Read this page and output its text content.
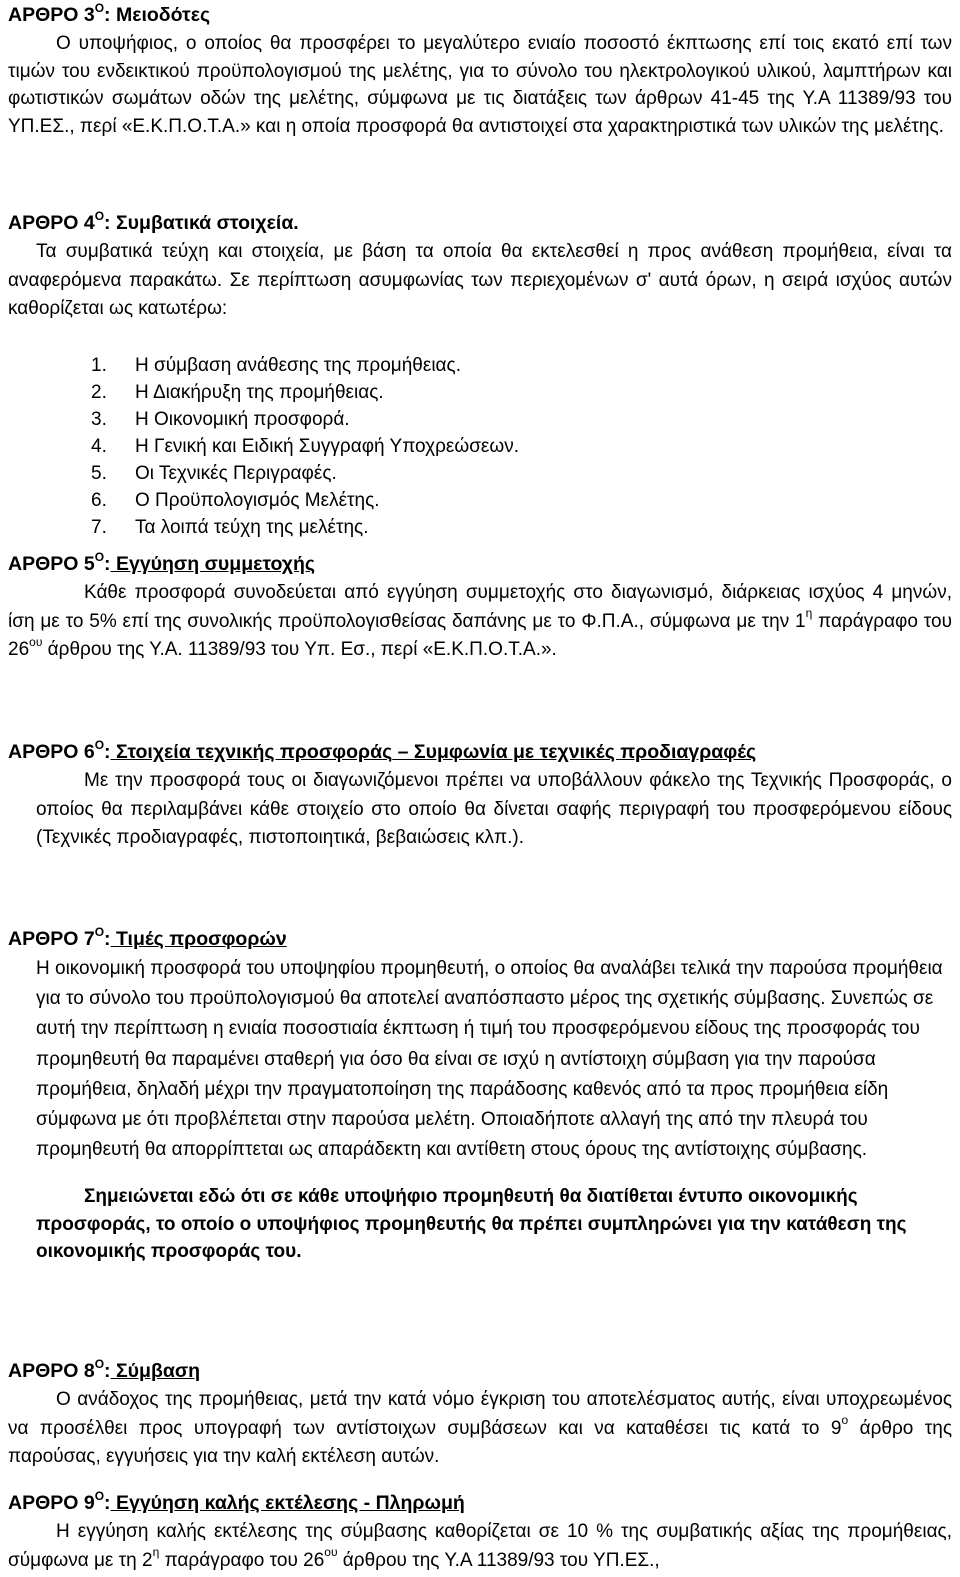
ΑΡΘΡΟ $3^O$: Μειοδότες

Ο υποψήφιος, ο οποίος θα προσφέρει το μεγαλύτερο ενιαίο ποσοστό έκπτωσης επί τοις εκατό επί των τιμών του ενδεικτικού προϋπολογισμού της μελέτης, για το σύνολο του ηλεκτρολογικού υλικού, λαμπτήρων και φωτιστικών σωμάτων οδών της μελέτης, σύμφωνα με τις διατάξεις των άρθρων 41-45 της Υ.Α 11389/93 του ΥΠ.ΕΣ., περί «Ε.Κ.Π.Ο.Τ.Α.» και η οποία προσφορά θα αντιστοιχεί στα χαρακτηριστικά των υλικών της μελέτης.

ΑΡΘΡΟ $4^O$: Συμβατικά στοιχεία.

Τα συμβατικά τεύχη και στοιχεία, με βάση τα οποία θα εκτελεσθεί η προς ανάθεση προμήθεια, είναι τα αναφερόμενα παρακάτω. Σε περίπτωση ασυμφωνίας των περιεχομένων σ' αυτά όρων, η σειρά ισχύος αυτών καθορίζεται ως κατωτέρω:

1.	Η σύμβαση ανάθεσης της προμήθειας.
2.	Η Διακήρυξη της προμήθειας.
3.	Η Οικονομική προσφορά.
4.	Η Γενική και Ειδική Συγγραφή Υποχρεώσεων.
5.	Οι Τεχνικές Περιγραφές.
6.	Ο Προϋπολογισμός Μελέτης.
7.	Τα λοιπά τεύχη της μελέτης.
ΑΡΘΡΟ $5^O$: Εγγύηση συμμετοχής

Κάθε προσφορά συνοδεύεται από εγγύηση συμμετοχής στο διαγωνισμό, διάρκειας ισχύος 4 μηνών, ίση με το 5% επί της συνολικής προϋπολογισθείσας δαπάνης με το Φ.Π.Α., σύμφωνα με την $1^\eta$ παράγραφο του $26^{o\upsilon}$ άρθρου της Υ.Α. 11389/93 του Υπ. Εσ., περί «Ε.Κ.Π.Ο.Τ.Α.».

ΑΡΘΡΟ $6^O$: Στοιχεία τεχνικής προσφοράς – Συμφωνία με τεχνικές προδιαγραφές

Με την προσφορά τους οι διαγωνιζόμενοι πρέπει να υποβάλλουν φάκελο της Τεχνικής Προσφοράς, ο οποίος θα περιλαμβάνει κάθε στοιχείο στο οποίο θα δίνεται σαφής περιγραφή του προσφερόμενου είδους (Τεχνικές προδιαγραφές, πιστοποιητικά, βεβαιώσεις κλπ.).

ΑΡΘΡΟ $7^O$: Τιμές προσφορών

Η οικονομική προσφορά του υποψηφίου προμηθευτή, ο οποίος θα αναλάβει τελικά την παρούσα προμήθεια για το σύνολο του προϋπολογισμού θα αποτελεί αναπόσπαστο μέρος της σχετικής σύμβασης. Συνεπώς σε αυτή την περίπτωση η ενιαία ποσοστιαία έκπτωση ή τιμή του προσφερόμενου είδους της προσφοράς του προμηθευτή θα παραμένει σταθερή για όσο θα είναι σε ισχύ η αντίστοιχη σύμβαση για την παρούσα προμήθεια, δηλαδή μέχρι την πραγματοποίηση της παράδοσης καθενός από τα προς προμήθεια είδη σύμφωνα με ότι προβλέπεται στην παρούσα μελέτη. Οποιαδήποτε αλλαγή της από την πλευρά του προμηθευτή θα απορρίπτεται ως απαράδεκτη και αντίθετη στους όρους της αντίστοιχης σύμβασης.

Σημειώνεται εδώ ότι σε κάθε υποψήφιο προμηθευτή θα διατίθεται έντυπο οικονομικής προσφοράς, το οποίο ο υποψήφιος προμηθευτής θα πρέπει συμπληρώνει για την κατάθεση της οικονομικής προσφοράς του.

ΑΡΘΡΟ $8^O$: Σύμβαση

Ο ανάδοχος της προμήθειας, μετά την κατά νόμο έγκριση του αποτελέσματος αυτής, είναι υποχρεωμένος να προσέλθει προς υπογραφή των αντίστοιχων συμβάσεων και να καταθέσει τις κατά το $9^o$ άρθρο της παρούσας, εγγυήσεις για την καλή εκτέλεση αυτών.

ΑΡΘΡΟ $9^O$: Εγγύηση καλής εκτέλεσης - Πληρωμή

Η εγγύηση καλής εκτέλεσης της σύμβασης καθορίζεται σε 10 % της συμβατικής αξίας της προμήθειας, σύμφωνα με τη $2^\eta$ παράγραφο του $26^{o\upsilon}$ άρθρου της Υ.Α 11389/93 του ΥΠ.ΕΣ.,
